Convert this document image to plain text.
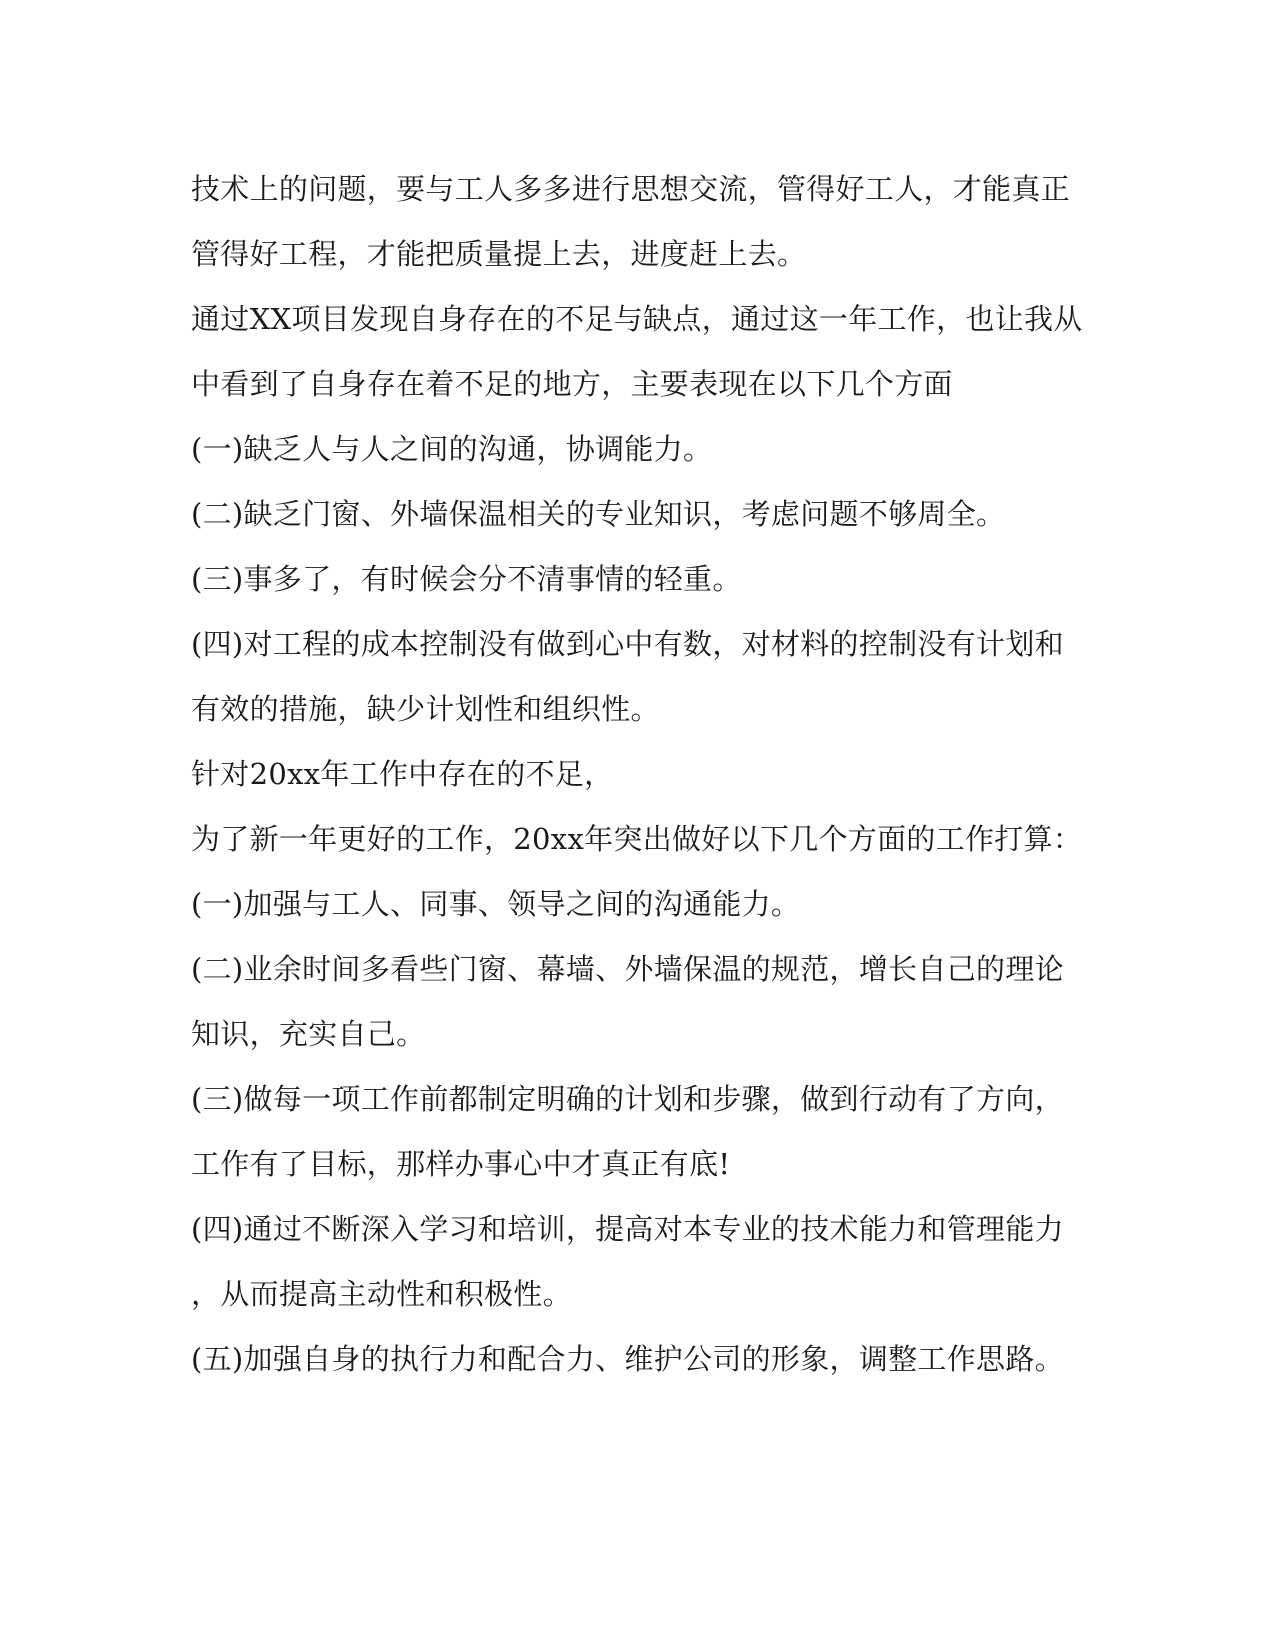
技术上的问题，要与工人多多进行思想交流，管得好工人，才能真正
管得好工程，才能把质量提上去，进度赶上去。
通过XX项目发现自身存在的不足与缺点，通过这一年工作，也让我从
中看到了自身存在着不足的地方，主要表现在以下几个方面
(一)缺乏人与人之间的沟通，协调能力。
(二)缺乏门窗、外墙保温相关的专业知识，考虑问题不够周全。
(三)事多了，有时候会分不清事情的轻重。
(四)对工程的成本控制没有做到心中有数，对材料的控制没有计划和
有效的措施，缺少计划性和组织性。
针对20xx年工作中存在的不足，
为了新一年更好的工作，20xx年突出做好以下几个方面的工作打算：
(一)加强与工人、同事、领导之间的沟通能力。
(二)业余时间多看些门窗、幕墙、外墙保温的规范，增长自己的理论
知识，充实自己。
(三)做每一项工作前都制定明确的计划和步骤，做到行动有了方向，
工作有了目标，那样办事心中才真正有底!
(四)通过不断深入学习和培训，提高对本专业的技术能力和管理能力
，从而提高主动性和积极性。
(五)加强自身的执行力和配合力、维护公司的形象，调整工作思路。
